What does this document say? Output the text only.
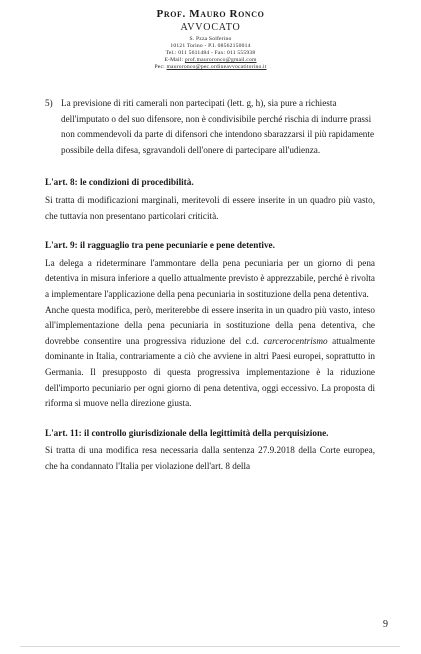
Prof. Mauro Ronco
AVVOCATO
S. Pzza Solferino
10121 Torino - P.I. 08562150014
Tel.: 011 5611484 - Fax: 011 555938
E-Mail: prof.mauroronco@gmail.com
Pec: mauroronco@pec.ordineavvocatitorino.it
5) La previsione di riti camerali non partecipati (lett. g, h), sia pure a richiesta dell'imputato o del suo difensore, non è condivisibile perché rischia di indurre prassi non commendevoli da parte di difensori che intendono sbarazzarsi il più rapidamente possibile della difesa, sgravandoli dell'onere di partecipare all'udienza.

L'art. 8: le condizioni di procedibilità.

Si tratta di modificazioni marginali, meritevoli di essere inserite in un quadro più vasto, che tuttavia non presentano particolari criticità.

L'art. 9: il ragguaglio tra pene pecuniarie e pene detentive.

La delega a rideterminare l'ammontare della pena pecuniaria per un giorno di pena detentiva in misura inferiore a quello attualmente previsto è apprezzabile, perché è rivolta a implementare l'applicazione della pena pecuniaria in sostituzione della pena detentiva.

Anche questa modifica, però, meriterebbe di essere inserita in un quadro più vasto, inteso all'implementazione della pena pecuniaria in sostituzione della pena detentiva, che dovrebbe consentire una progressiva riduzione del c.d. carcerocentrismo attualmente dominante in Italia, contrariamente a ciò che avviene in altri Paesi europei, soprattutto in Germania. Il presupposto di questa progressiva implementazione è la riduzione dell'importo pecuniario per ogni giorno di pena detentiva, oggi eccessivo. La proposta di riforma si muove nella direzione giusta.

L'art. 11: il controllo giurisdizionale della legittimità della perquisizione.

Si tratta di una modifica resa necessaria dalla sentenza 27.9.2018 della Corte europea, che ha condannato l'Italia per violazione dell'art. 8 della

9
